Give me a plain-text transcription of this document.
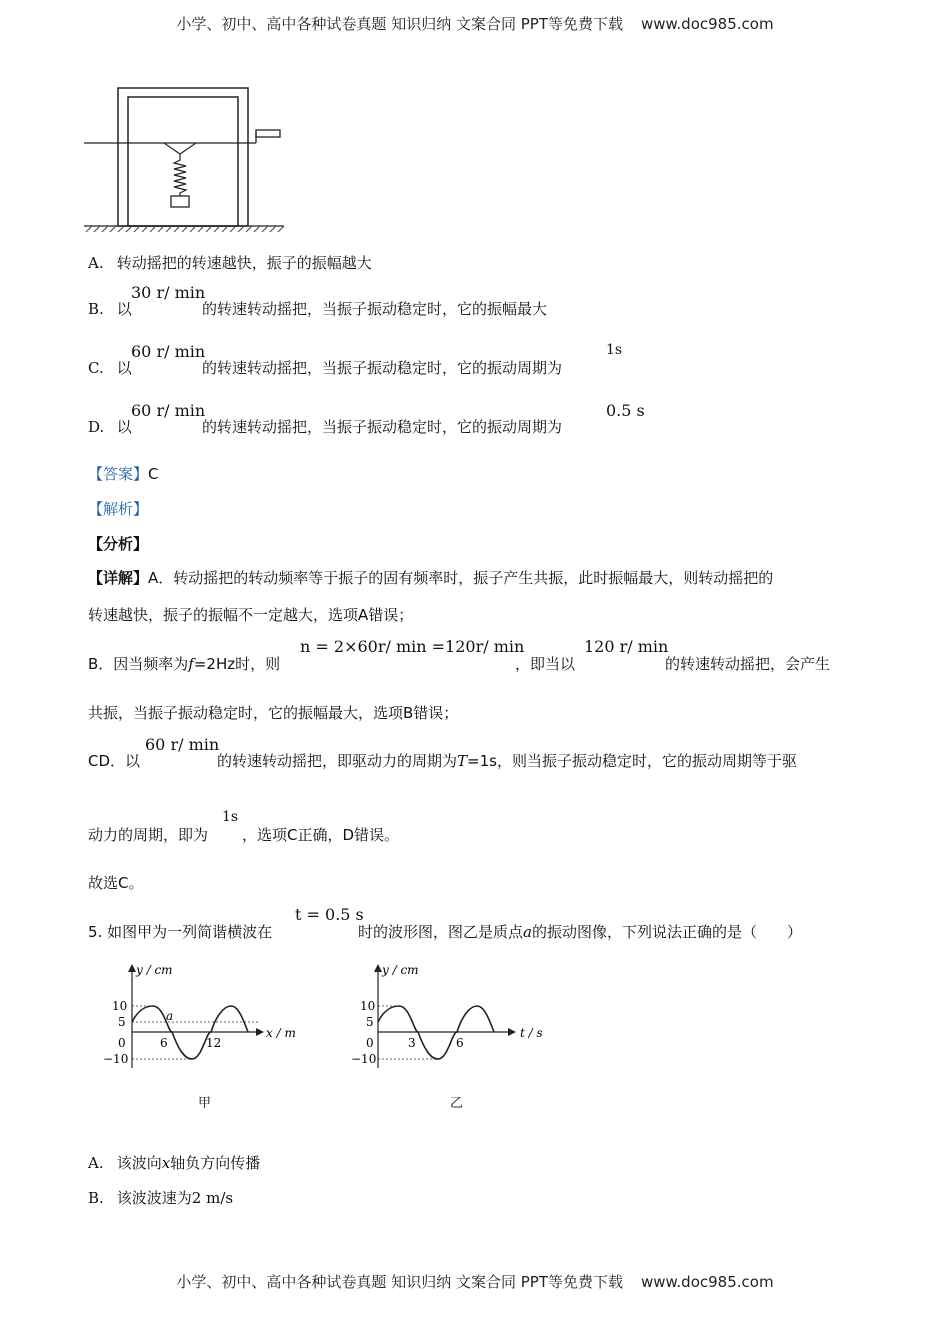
小学、初中、高中各种试卷真题 知识归纳 文案合同 PPT等免费下载 www.doc985.com
A. 转动摇把的转速越快，振子的振幅越大
B. 以
30 r/ min
的转速转动摇把，当振子振动稳定时，它的振幅最大
C. 以
60 r/ min
的转速转动摇把，当振子振动稳定时，它的振动周期为
1s
D. 以
60 r/ min
的转速转动摇把，当振子振动稳定时，它的振动周期为
0.5 s
【答案】C
【解析】
【分析】
【详解】A．转动摇把的转动频率等于振子的固有频率时，振子产生共振，此时振幅最大，则转动摇把的
转速越快，振子的振幅不一定越大，选项A错误；
B．因当频率为f=2Hz时，则
n = 2×60r/ min =120r/ min
，即当以
120 r/ min
的转速转动摇把，会产生
共振，当振子振动稳定时，它的振幅最大，选项B错误；
CD．以
60 r/ min
的转速转动摇把，即驱动力的周期为T=1s，则当振子振动稳定时，它的振动周期等于驱
动力的周期，即为
1s
，选项C正确，D错误。
故选C。
5. 如图甲为一列简谐横波在
t = 0.5 s
时的波形图，图乙是质点a的振动图像，下列说法正确的是（　　）
y / cm
10
5
0
−10
6	12
x / m
a
甲
y / cm
10
5
0
−10
3	6
t / s
乙
A. 该波向x轴负方向传播
B. 该波波速为2 m/s
小学、初中、高中各种试卷真题 知识归纳 文案合同 PPT等免费下载 www.doc985.com
